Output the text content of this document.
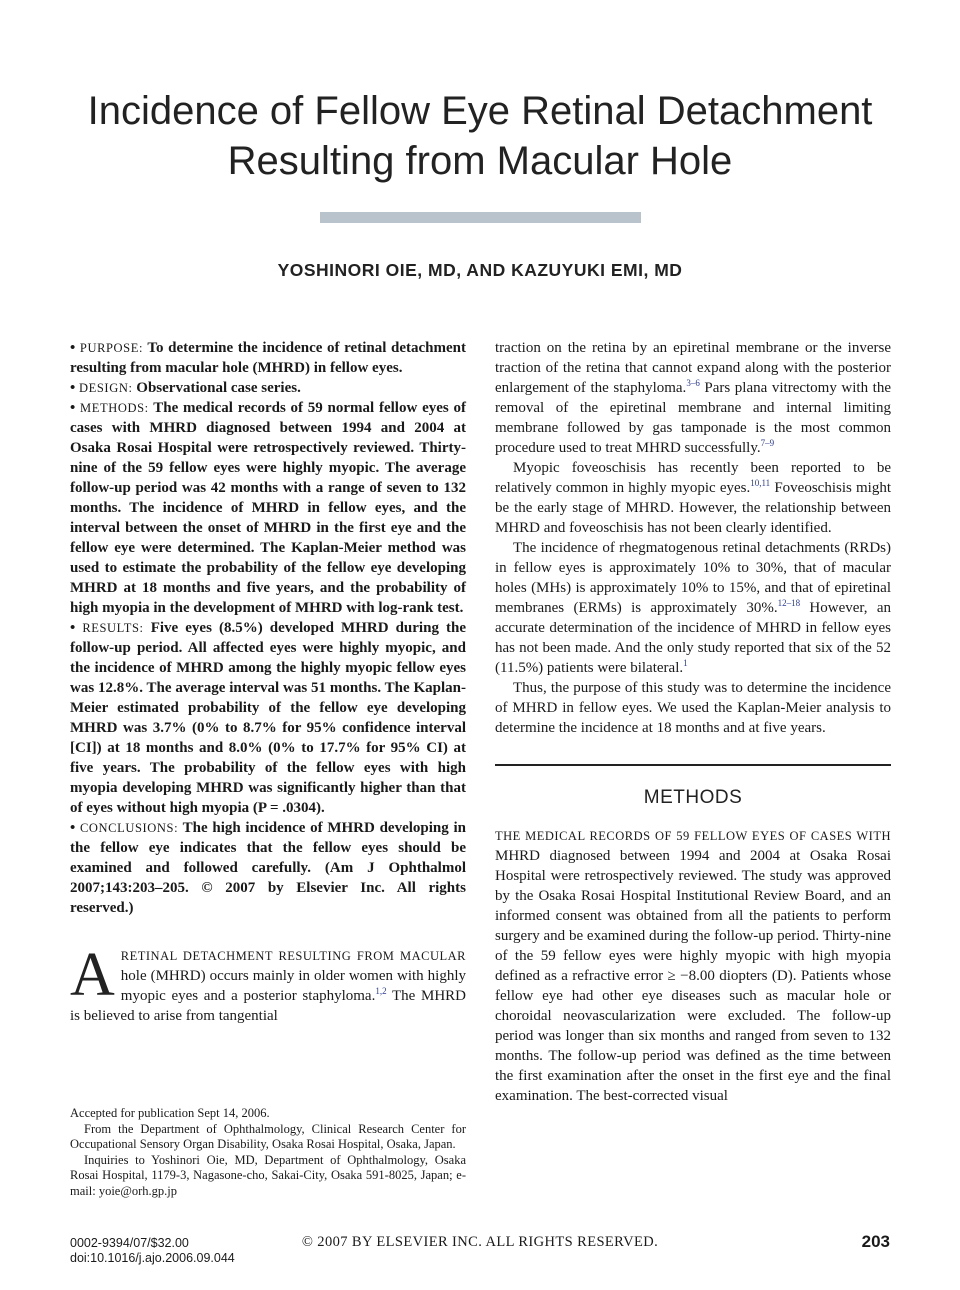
Incidence of Fellow Eye Retinal Detachment
Resulting from Macular Hole
YOSHINORI OIE, MD, AND KAZUYUKI EMI, MD

• PURPOSE: To determine the incidence of retinal detachment resulting from macular hole (MHRD) in fellow eyes.

• DESIGN: Observational case series.

• METHODS: The medical records of 59 normal fellow eyes of cases with MHRD diagnosed between 1994 and 2004 at Osaka Rosai Hospital were retrospectively reviewed. Thirty-nine of the 59 fellow eyes were highly myopic. The average follow-up period was 42 months with a range of seven to 132 months. The incidence of MHRD in fellow eyes, and the interval between the onset of MHRD in the first eye and the fellow eye were determined. The Kaplan-Meier method was used to estimate the probability of the fellow eye developing MHRD at 18 months and five years, and the probability of high myopia in the development of MHRD with log-rank test.

• RESULTS: Five eyes (8.5%) developed MHRD during the follow-up period. All affected eyes were highly myopic, and the incidence of MHRD among the highly myopic fellow eyes was 12.8%. The average interval was 51 months. The Kaplan-Meier estimated probability of the fellow eye developing MHRD was 3.7% (0% to 8.7% for 95% confidence interval [CI]) at 18 months and 8.0% (0% to 17.7% for 95% CI) at five years. The probability of the fellow eyes with high myopia developing MHRD was significantly higher than that of eyes without high myopia (P = .0304).

• CONCLUSIONS: The high incidence of MHRD developing in the fellow eye indicates that the fellow eyes should be examined and followed carefully. (Am J Ophthalmol 2007;143:203–205. © 2007 by Elsevier Inc. All rights reserved.)

ARETINAL DETACHMENT RESULTING FROM MACULAR hole (MHRD) occurs mainly in older women with highly myopic eyes and a posterior staphyloma.$^{1,2}$ The MHRD is believed to arise from tangential

Accepted for publication Sept 14, 2006.

From the Department of Ophthalmology, Clinical Research Center for Occupational Sensory Organ Disability, Osaka Rosai Hospital, Osaka, Japan.

Inquiries to Yoshinori Oie, MD, Department of Ophthalmology, Osaka Rosai Hospital, 1179-3, Nagasone-cho, Sakai-City, Osaka 591-8025, Japan; e-mail: yoie@orh.gp.jp

traction on the retina by an epiretinal membrane or the inverse traction of the retina that cannot expand along with the posterior enlargement of the staphyloma.$^{3-6}$ Pars plana vitrectomy with the removal of the epiretinal membrane and internal limiting membrane followed by gas tamponade is the most common procedure used to treat MHRD successfully.$^{7-9}$

Myopic foveoschisis has recently been reported to be relatively common in highly myopic eyes.$^{10,11}$ Foveoschisis might be the early stage of MHRD. However, the relationship between MHRD and foveoschisis has not been clearly identified.

The incidence of rhegmatogenous retinal detachments (RRDs) in fellow eyes is approximately 10% to 30%, that of macular holes (MHs) is approximately 10% to 15%, and that of epiretinal membranes (ERMs) is approximately 30%.$^{12-18}$ However, an accurate determination of the incidence of MHRD in fellow eyes has not been made. And the only study reported that six of the 52 (11.5%) patients were bilateral.$^1$

Thus, the purpose of this study was to determine the incidence of MHRD in fellow eyes. We used the Kaplan-Meier analysis to determine the incidence at 18 months and at five years.

METHODS

THE MEDICAL RECORDS OF 59 FELLOW EYES OF CASES WITH MHRD diagnosed between 1994 and 2004 at Osaka Rosai Hospital were retrospectively reviewed. The study was approved by the Osaka Rosai Hospital Institutional Review Board, and an informed consent was obtained from all the patients to perform surgery and be examined during the follow-up period. Thirty-nine of the 59 fellow eyes were highly myopic with high myopia defined as a refractive error ≥ −8.00 diopters (D). Patients whose fellow eye had other eye diseases such as macular hole or choroidal neovascularization were excluded. The follow-up period was longer than six months and ranged from seven to 132 months. The follow-up period was defined as the time between the first examination after the onset in the first eye and the final examination. The best-corrected visual

0002-9394/07/$32.00
doi:10.1016/j.ajo.2006.09.044
© 2007 BY ELSEVIER INC. ALL RIGHTS RESERVED.	203
